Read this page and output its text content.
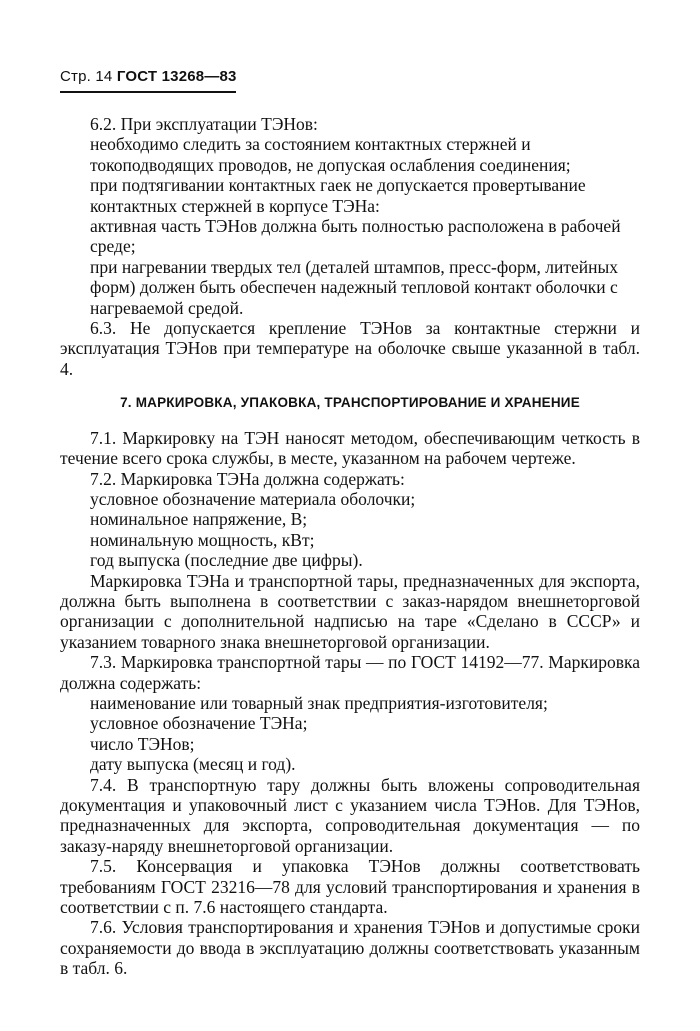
Стр. 14 ГОСТ 13268—83

6.2. При эксплуатации ТЭНов:

необходимо следить за состоянием контактных стержней и токоподводящих проводов, не допуская ослабления соединения;

при подтягивании контактных гаек не допускается провертывание контактных стержней в корпусе ТЭНа:

активная часть ТЭНов должна быть полностью расположена в рабочей среде;

при нагревании твердых тел (деталей штампов, пресс-форм, литейных форм) должен быть обеспечен надежный тепловой контакт оболочки с нагреваемой средой.

6.3. Не допускается крепление ТЭНов за контактные стержни и эксплуатация ТЭНов при температуре на оболочке свыше указанной в табл. 4.

7. МАРКИРОВКА, УПАКОВКА, ТРАНСПОРТИРОВАНИЕ И ХРАНЕНИЕ

7.1. Маркировку на ТЭН наносят методом, обеспечивающим четкость в течение всего срока службы, в месте, указанном на рабочем чертеже.

7.2. Маркировка ТЭНа должна содержать:

условное обозначение материала оболочки;

номинальное напряжение, В;

номинальную мощность, кВт;

год выпуска (последние две цифры).

Маркировка ТЭНа и транспортной тары, предназначенных для экспорта, должна быть выполнена в соответствии с заказ-нарядом внешнеторговой организации с дополнительной надписью на таре «Сделано в СССР» и указанием товарного знака внешнеторговой организации.

7.3. Маркировка транспортной тары — по ГОСТ 14192—77. Маркировка должна содержать:

наименование или товарный знак предприятия-изготовителя;

условное обозначение ТЭНа;

число ТЭНов;

дату выпуска (месяц и год).

7.4. В транспортную тару должны быть вложены сопроводительная документация и упаковочный лист с указанием числа ТЭНов. Для ТЭНов, предназначенных для экспорта, сопроводительная документация — по заказу-наряду внешнеторговой организации.

7.5. Консервация и упаковка ТЭНов должны соответствовать требованиям ГОСТ 23216—78 для условий транспортирования и хранения в соответствии с п. 7.6 настоящего стандарта.

7.6. Условия транспортирования и хранения ТЭНов и допустимые сроки сохраняемости до ввода в эксплуатацию должны соответствовать указанным в табл. 6.
